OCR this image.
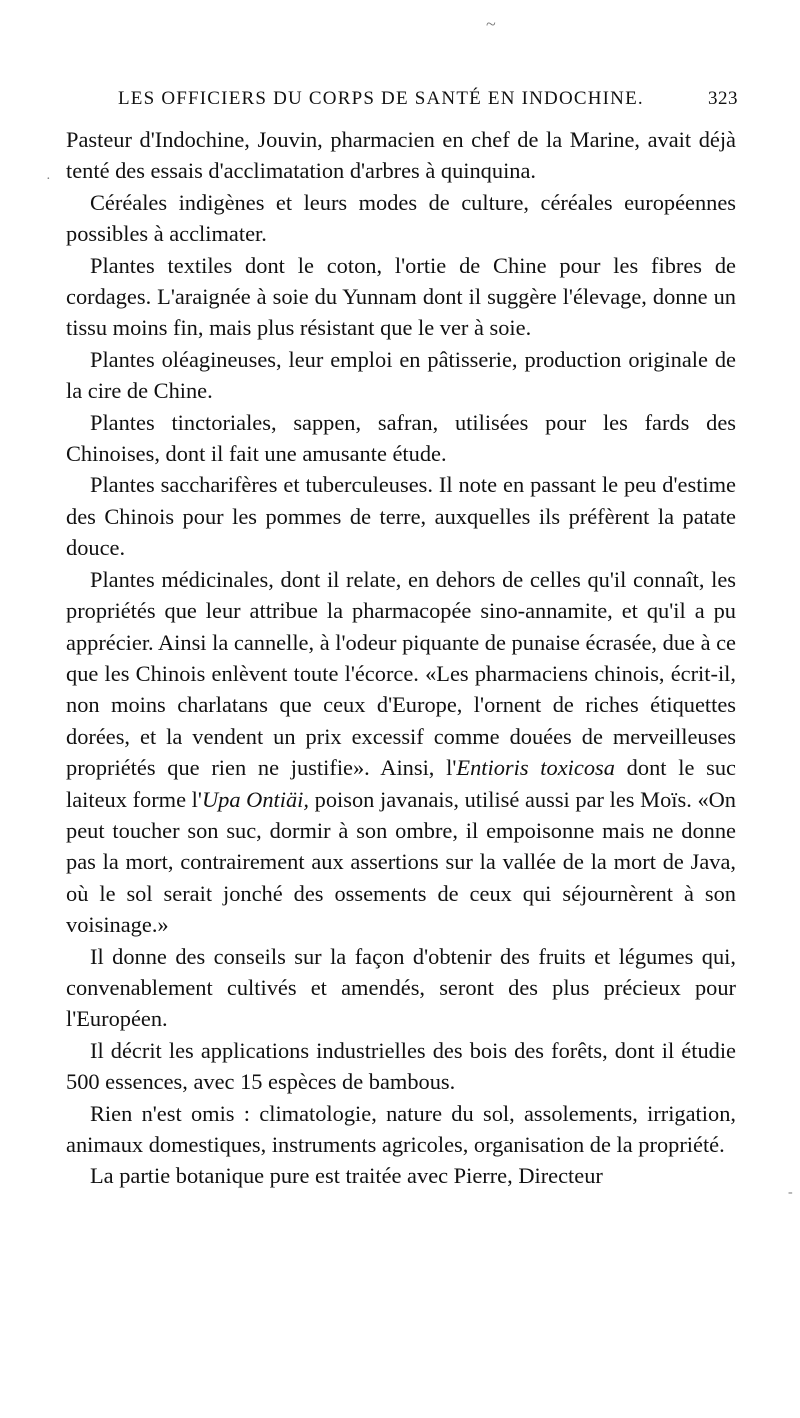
~
·
-
LES OFFICIERS DU CORPS DE SANTÉ EN INDOCHINE.	323

Pasteur d'Indochine, Jouvin, pharmacien en chef de la Marine, avait déjà tenté des essais d'acclimatation d'arbres à quinquina.

Céréales indigènes et leurs modes de culture, céréales européennes possibles à acclimater.

Plantes textiles dont le coton, l'ortie de Chine pour les fibres de cordages. L'araignée à soie du Yunnam dont il suggère l'élevage, donne un tissu moins fin, mais plus résistant que le ver à soie.

Plantes oléagineuses, leur emploi en pâtisserie, production originale de la cire de Chine.

Plantes tinctoriales, sappen, safran, utilisées pour les fards des Chinoises, dont il fait une amusante étude.

Plantes saccharifères et tuberculeuses. Il note en passant le peu d'estime des Chinois pour les pommes de terre, auxquelles ils préfèrent la patate douce.

Plantes médicinales, dont il relate, en dehors de celles qu'il connaît, les propriétés que leur attribue la pharmacopée sino-annamite, et qu'il a pu apprécier. Ainsi la cannelle, à l'odeur piquante de punaise écrasée, due à ce que les Chinois enlèvent toute l'écorce. «Les pharmaciens chinois, écrit-il, non moins charlatans que ceux d'Europe, l'ornent de riches étiquettes dorées, et la vendent un prix excessif comme douées de merveilleuses propriétés que rien ne justifie». Ainsi, l'Entioris toxicosa dont le suc laiteux forme l'Upa Ontiäi, poison javanais, utilisé aussi par les Moïs. «On peut toucher son suc, dormir à son ombre, il empoisonne mais ne donne pas la mort, contrairement aux assertions sur la vallée de la mort de Java, où le sol serait jonché des ossements de ceux qui séjournèrent à son voisinage.»

Il donne des conseils sur la façon d'obtenir des fruits et légumes qui, convenablement cultivés et amendés, seront des plus précieux pour l'Européen.

Il décrit les applications industrielles des bois des forêts, dont il étudie 500 essences, avec 15 espèces de bambous.

Rien n'est omis : climatologie, nature du sol, assolements, irrigation, animaux domestiques, instruments agricoles, organisation de la propriété.

La partie botanique pure est traitée avec Pierre, Directeur
